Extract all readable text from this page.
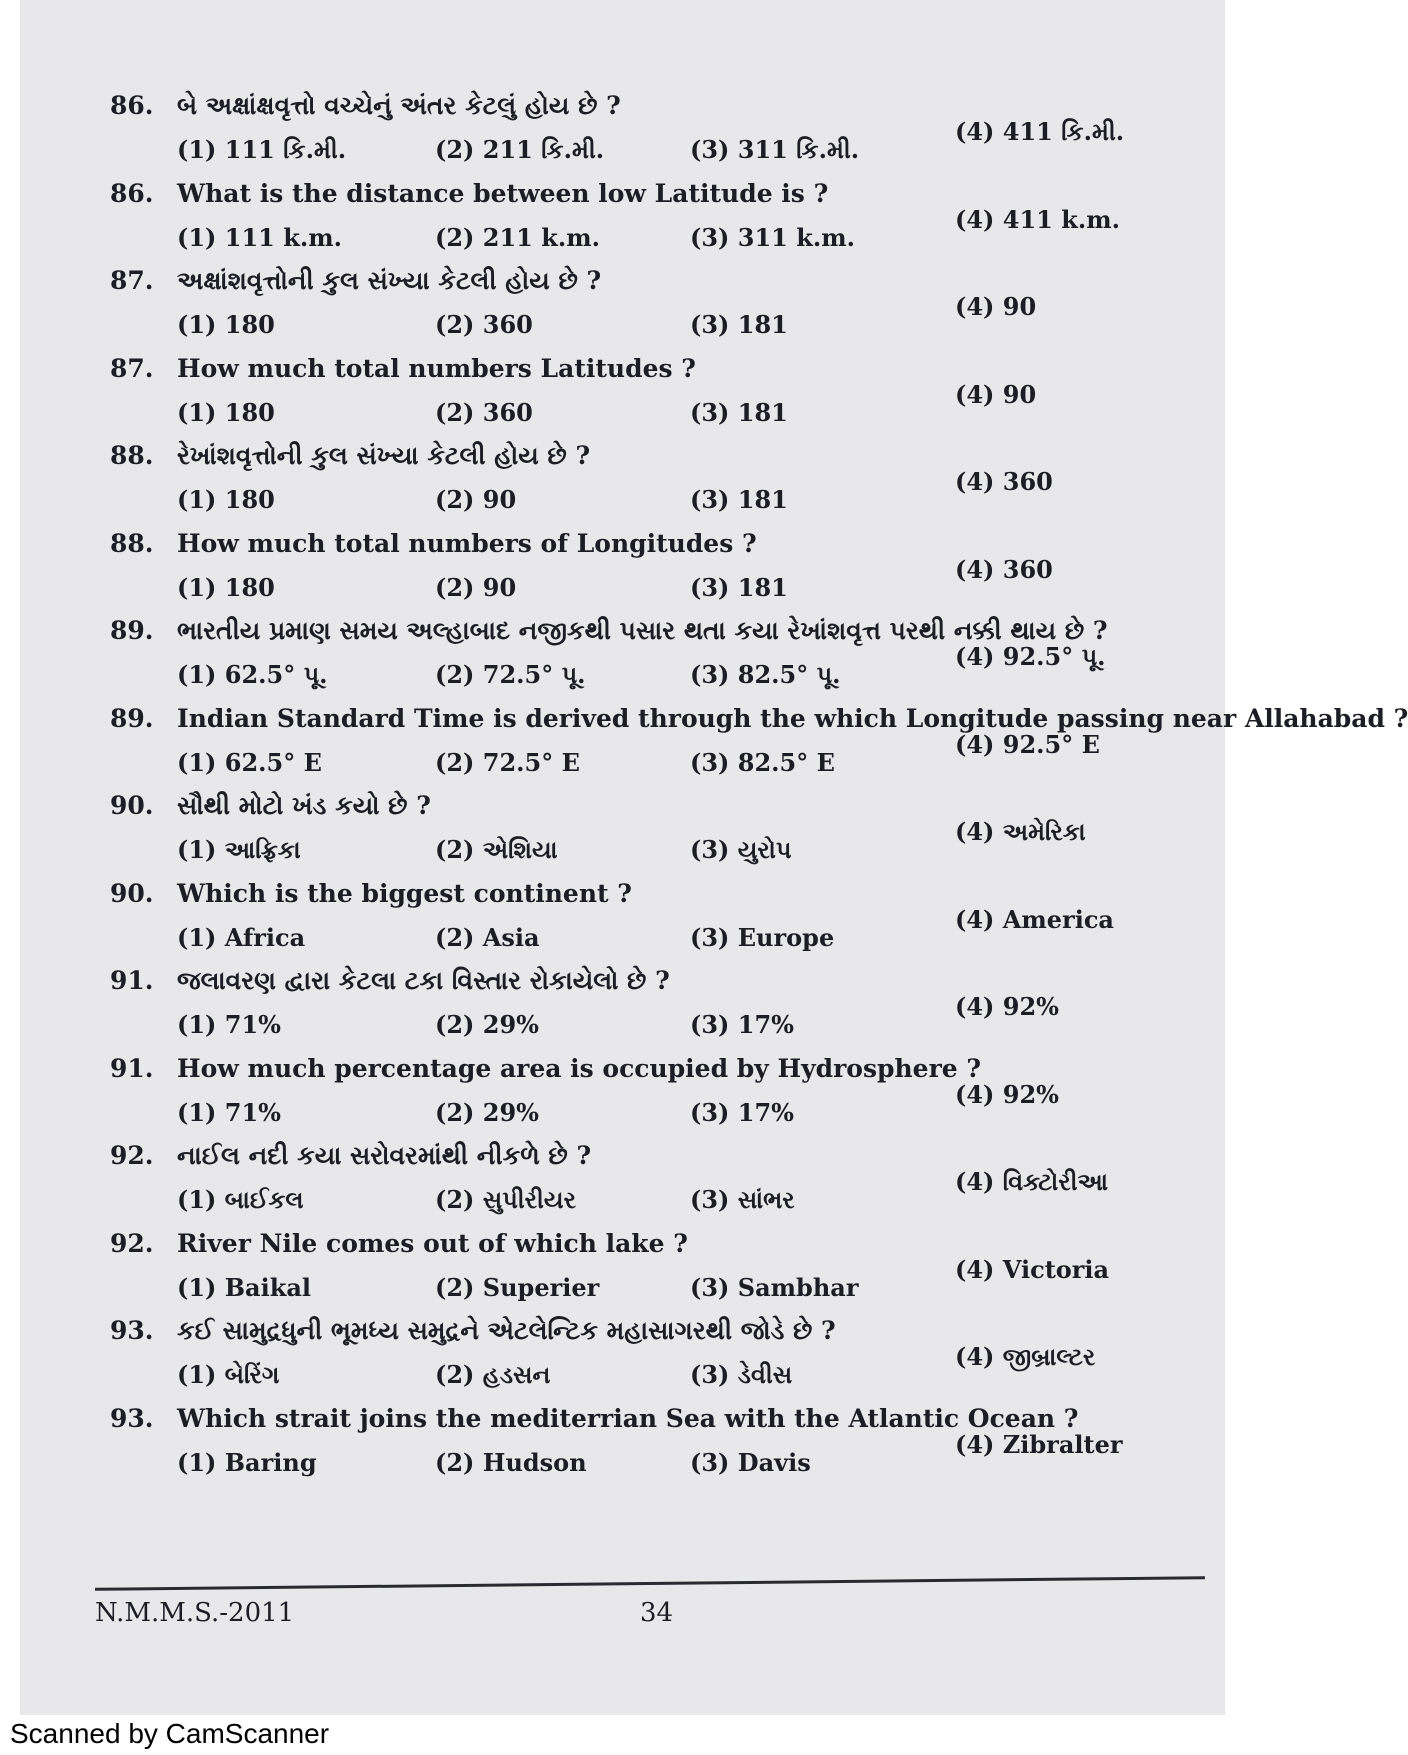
86. બે અક્ષાંક્ષવૃત્તો વચ્ચેનું અંતર કેટલું હોય છે ?
(1) 111 કિ.મી.	(2) 211 કિ.મી.	(3) 311 કિ.મી.
(4) 411 કિ.મી.
86. What is the distance between low Latitude is ?
(1) 111 k.m.	(2) 211 k.m.	(3) 311 k.m.
(4) 411 k.m.
87. અક્ષાંશવૃત્તોની કુલ સંખ્યા કેટલી હોય છે ?
(1) 180	(2) 360	(3) 181
(4) 90
87. How much total numbers Latitudes ?
(1) 180	(2) 360	(3) 181
(4) 90
88. રેખાંશવૃત્તોની કુલ સંખ્યા કેટલી હોય છે ?
(1) 180	(2) 90	(3) 181
(4) 360
88. How much total numbers of Longitudes ?
(1) 180	(2) 90	(3) 181
(4) 360
89. ભારતીય પ્રમાણ સમય અલ્હાબાદ નજીકથી પસાર થતા કયા રેખાંશવૃત્ત પરથી નક્કી થાય છે ?
(1) 62.5° પૂ.	(2) 72.5° પૂ.	(3) 82.5° પૂ.
(4) 92.5° પૂ.
89. Indian Standard Time is derived through the which Longitude passing near Allahabad ?
(1) 62.5° E	(2) 72.5° E	(3) 82.5° E
(4) 92.5° E
90. સૌથી મોટો ખંડ કયો છે ?
(1) આફ્રિકા	(2) એશિયા	(3) યુરોપ
(4) અમેરિકા
90. Which is the biggest continent ?
(1) Africa	(2) Asia	(3) Europe
(4) America
91. જલાવરણ દ્વારા કેટલા ટકા વિસ્તાર રોકાયેલો છે ?
(1) 71%	(2) 29%	(3) 17%
(4) 92%
91. How much percentage area is occupied by Hydrosphere ?
(1) 71%	(2) 29%	(3) 17%
(4) 92%
92. નાઈલ નદી કયા સરોવરમાંથી નીકળે છે ?
(1) બાઈકલ	(2) સુપીરીયર	(3) સાંભર
(4) વિક્ટોરીઆ
92. River Nile comes out of which lake ?
(1) Baikal	(2) Superier	(3) Sambhar
(4) Victoria
93. કઈ સામુદ્રધુની ભૂમધ્ય સમુદ્રને એટલેન્ટિક મહાસાગરથી જોડે છે ?
(1) બેરિંગ	(2) હડસન	(3) ડેવીસ
(4) જીબ્રાલ્ટર
93. Which strait joins the mediterrian Sea with the Atlantic Ocean ?
(1) Baring	(2) Hudson	(3) Davis
(4) Zibralter
N.M.M.S.-2011	34
Scanned by CamScanner
